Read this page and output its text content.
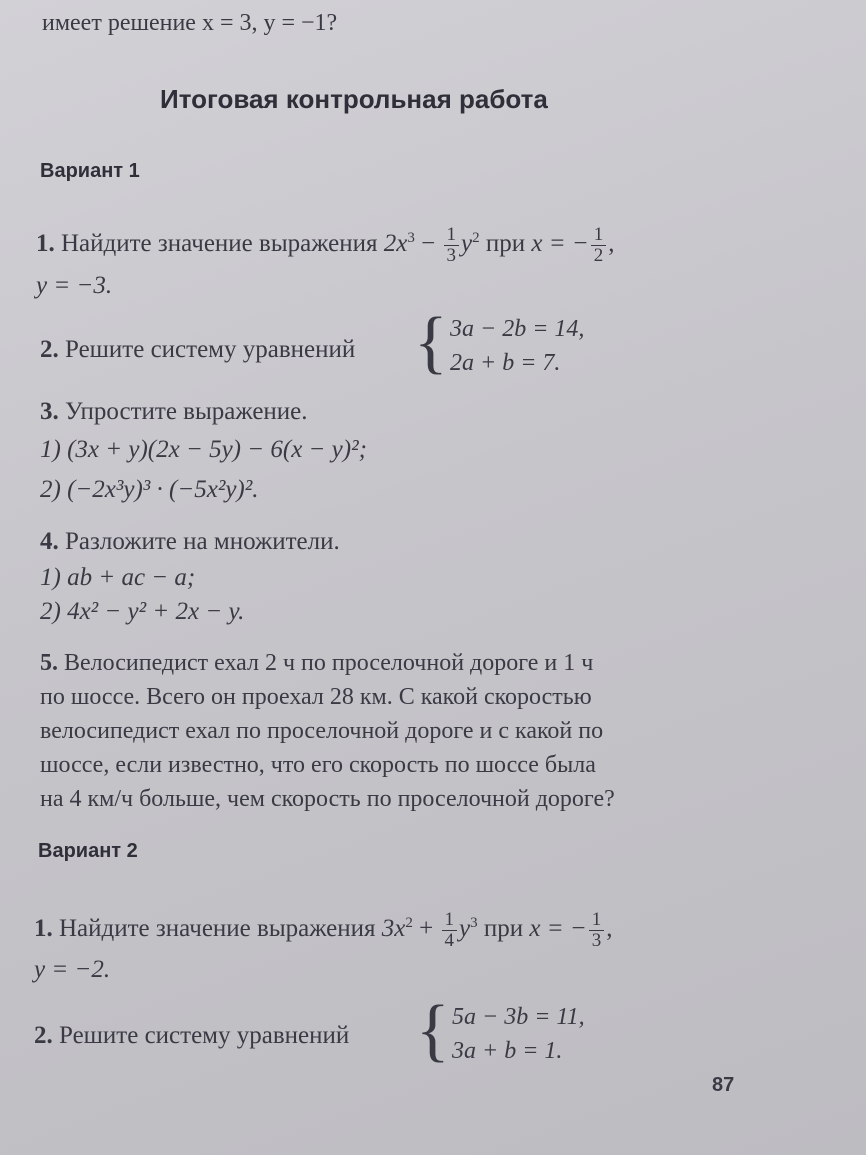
имеет решение x = 3, y = −1?
Итоговая контрольная работа
Вариант 1
1. Найдите значение выражения $2x^3 - \frac{1}{3} y^2$ при x = − $\frac{1}{2}$ ,
y = −3.
2. Решите систему уравнений { 3a − 2b = 14,
2a + b = 7.
3. Упростите выражение.
1) (3x + y)(2x − 5y) − 6(x − y)²;
2) (−2x³y)³ · (−5x²y)².
4. Разложите на множители.
1) ab + ac − a;
2) 4x² − y² + 2x − y.
5. Велосипедист ехал 2 ч по проселочной дороге и 1 ч
по шоссе. Всего он проехал 28 км. С какой скоростью
велосипедист ехал по проселочной дороге и с какой по
шоссе, если известно, что его скорость по шоссе была
на 4 км/ч больше, чем скорость по проселочной дороге?
Вариант 2
1. Найдите значение выражения $3x^2 + \frac{1}{4} y^3$ при x = − $\frac{1}{3}$ ,
y = −2.
2. Решите систему уравнений { 5a − 3b = 11,
3a + b = 1.
87
